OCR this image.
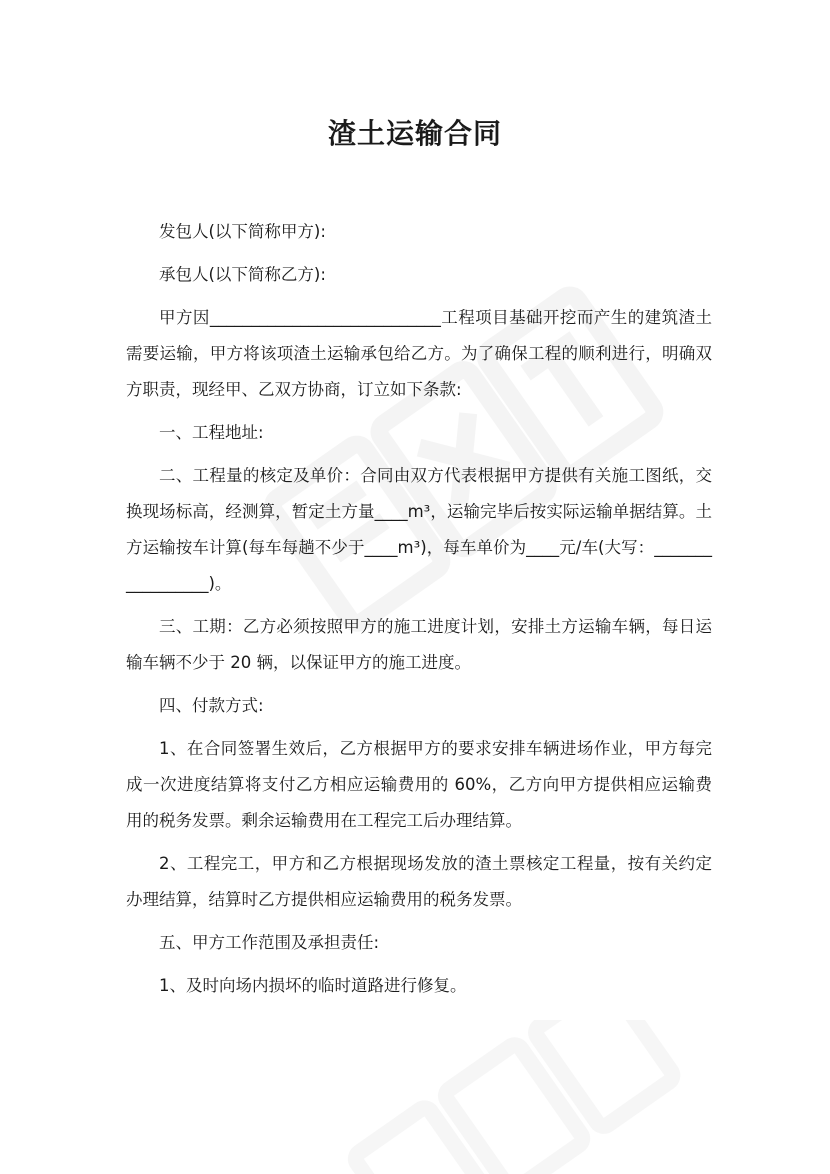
渣土运输合同

发包人(以下简称甲方):

承包人(以下简称乙方):

甲方因____________________________工程项目基础开挖而产生的建筑渣土需要运输，甲方将该项渣土运输承包给乙方。为了确保工程的顺利进行，明确双方职责，现经甲、乙双方协商，订立如下条款:

一、工程地址:

二、工程量的核定及单价：合同由双方代表根据甲方提供有关施工图纸，交换现场标高，经测算，暂定土方量____m³，运输完毕后按实际运输单据结算。土方运输按车计算(每车每趟不少于____m³)，每车单价为____元/车(大写：_________________)。

三、工期：乙方必须按照甲方的施工进度计划，安排土方运输车辆，每日运输车辆不少于 20 辆，以保证甲方的施工进度。

四、付款方式:

1、在合同签署生效后，乙方根据甲方的要求安排车辆进场作业，甲方每完成一次进度结算将支付乙方相应运输费用的 60%，乙方向甲方提供相应运输费用的税务发票。剩余运输费用在工程完工后办理结算。

2、工程完工，甲方和乙方根据现场发放的渣土票核定工程量，按有关约定办理结算，结算时乙方提供相应运输费用的税务发票。

五、甲方工作范围及承担责任:

1、及时向场内损坏的临时道路进行修复。
